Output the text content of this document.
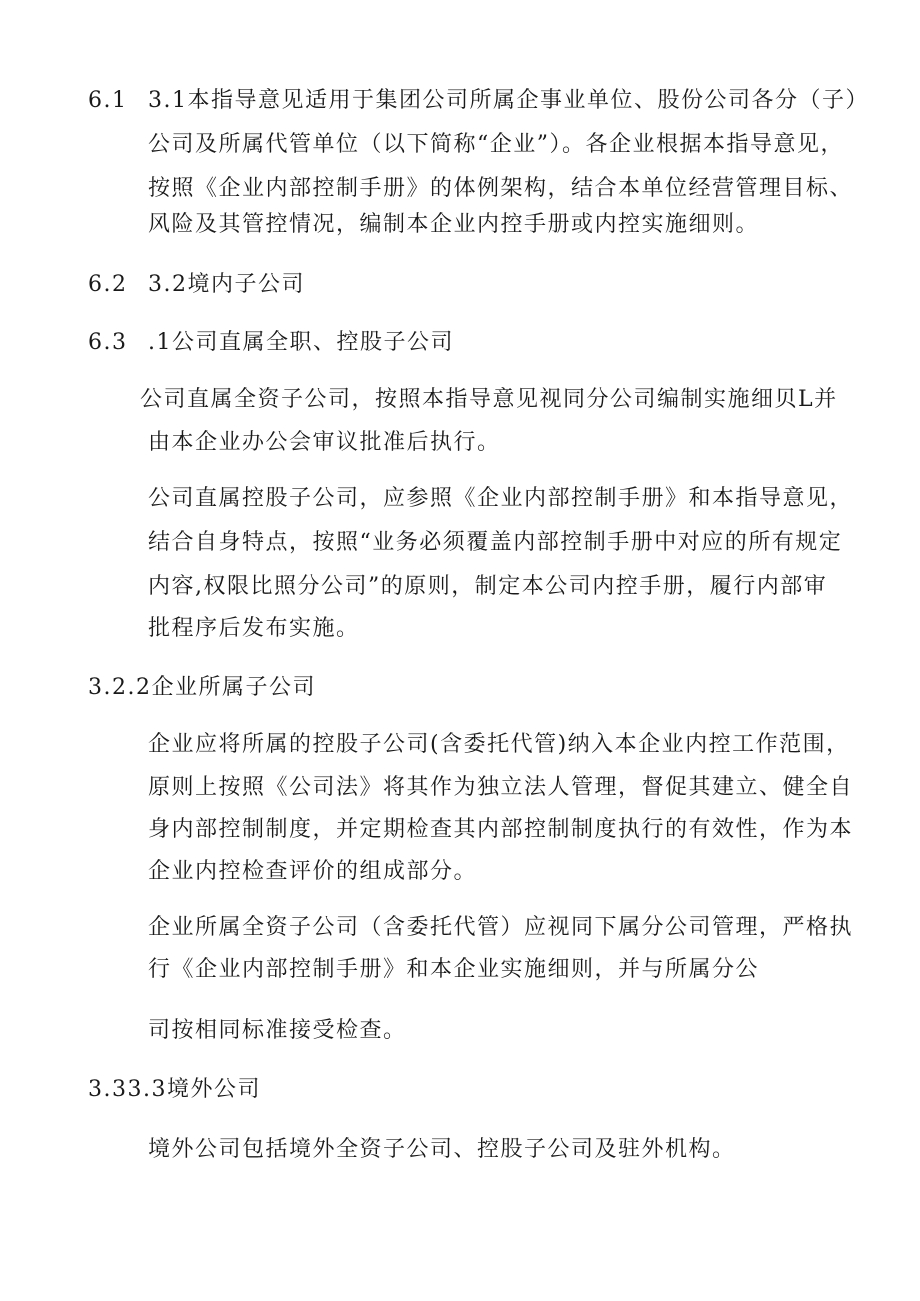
6.1 3.1本指导意见适用于集团公司所属企事业单位、股份公司各分（子）
公司及所属代管单位（以下简称“企业”）。各企业根据本指导意见，
按照《企业内部控制手册》的体例架构，结合本单位经营管理目标、
风险及其管控情况，编制本企业内控手册或内控实施细则。
6.2 3.2境内子公司
6.3 .1公司直属全职、控股子公司
公司直属全资子公司，按照本指导意见视同分公司编制实施细贝L并
由本企业办公会审议批准后执行。
公司直属控股子公司，应参照《企业内部控制手册》和本指导意见，
结合自身特点，按照“业务必须覆盖内部控制手册中对应的所有规定
内容,权限比照分公司”的原则，制定本公司内控手册，履行内部审
批程序后发布实施。
3.2.2企业所属子公司
企业应将所属的控股子公司(含委托代管)纳入本企业内控工作范围，
原则上按照《公司法》将其作为独立法人管理，督促其建立、健全自
身内部控制制度，并定期检查其内部控制制度执行的有效性，作为本
企业内控检查评价的组成部分。
企业所属全资子公司（含委托代管）应视同下属分公司管理，严格执
行《企业内部控制手册》和本企业实施细则，并与所属分公
司按相同标准接受检查。
3.33.3境外公司
境外公司包括境外全资子公司、控股子公司及驻外机构。
